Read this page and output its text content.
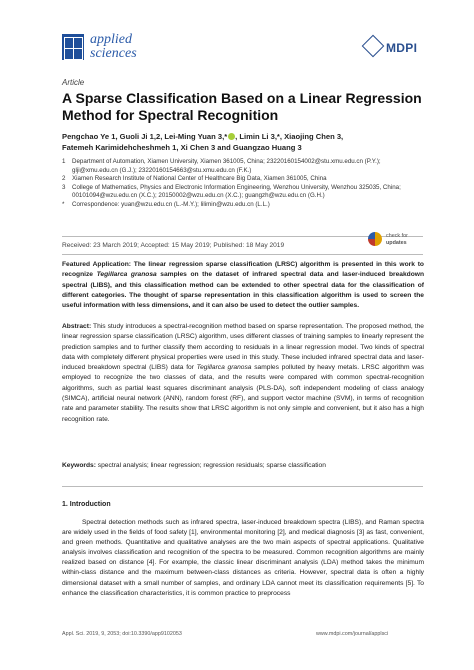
applied
sciences	MDPI
Article
A Sparse Classification Based on a Linear Regression Method for Spectral Recognition
Pengchao Ye 1, Guoli Ji 1,2, Lei-Ming Yuan 3,* , Limin Li 3,*, Xiaojing Chen 3,
Fatemeh Karimidehcheshmeh 1, Xi Chen 3 and Guangzao Huang 3
1	Department of Automation, Xiamen University, Xiamen 361005, China; 23220160154002@stu.xmu.edu.cn (P.Y.); glji@xmu.edu.cn (G.J.); 23220160154663@stu.xmu.edu.cn (F.K.)
2	Xiamen Research Institute of National Center of Healthcare Big Data, Xiamen 361005, China
3	College of Mathematics, Physics and Electronic Information Engineering, Wenzhou University, Wenzhou 325035, China; 00101094@wzu.edu.cn (X.C.); 20150002@wzu.edu.cn (X.C.); guangzh@wzu.edu.cn (G.H.)
*	Correspondence: yuan@wzu.edu.cn (L.-M.Y.); lilimin@wzu.edu.cn (L.L.)
Received: 23 March 2019; Accepted: 15 May 2019; Published: 18 May 2019
check for
updates
Featured Application: The linear regression sparse classification (LRSC) algorithm is presented in this work to recognize Tegillarca granosa samples on the dataset of infrared spectral data and laser-induced breakdown spectral (LIBS), and this classification method can be extended to other spectral data for the classification of different categories. The thought of sparse representation in this classification algorithm is used to screen the useful information with less dimensions, and it can also be used to detect the outlier samples.
Abstract: This study introduces a spectral-recognition method based on sparse representation. The proposed method, the linear regression sparse classification (LRSC) algorithm, uses different classes of training samples to linearly represent the prediction samples and to further classify them according to residuals in a linear regression model. Two kinds of spectral data with completely different physical properties were used in this study. These included infrared spectral data and laser-induced breakdown spectral (LIBS) data for Tegillarca granosa samples polluted by heavy metals. LRSC algorithm was employed to recognize the two classes of data, and the results were compared with common spectral-recognition algorithms, such as partial least squares discriminant analysis (PLS-DA), soft independent modeling of class analogy (SIMCA), artificial neural network (ANN), random forest (RF), and support vector machine (SVM), in terms of recognition rate and parameter stability. The results show that LRSC algorithm is not only simple and convenient, but it also has a high recognition rate.
Keywords: spectral analysis; linear regression; regression residuals; sparse classification
1. Introduction
Spectral detection methods such as infrared spectra, laser-induced breakdown spectra (LIBS), and Raman spectra are widely used in the fields of food safety [1], environmental monitoring [2], and medical diagnosis [3] as fast, convenient, and green methods. Quantitative and qualitative analyses are the two main aspects of spectral applications. Qualitative analysis involves classification and recognition of the spectra to be measured. Common recognition algorithms are mainly realized based on distance [4]. For example, the classic linear discriminant analysis (LDA) method takes the minimum within-class distance and the maximum between-class distances as criteria. However, spectral data is often a highly dimensional dataset with a small number of samples, and ordinary LDA cannot meet its classification requirements [5]. To enhance the classification characteristics, it is common practice to preprocess
Appl. Sci. 2019, 9, 2053; doi:10.3390/app9102053	www.mdpi.com/journal/applsci
